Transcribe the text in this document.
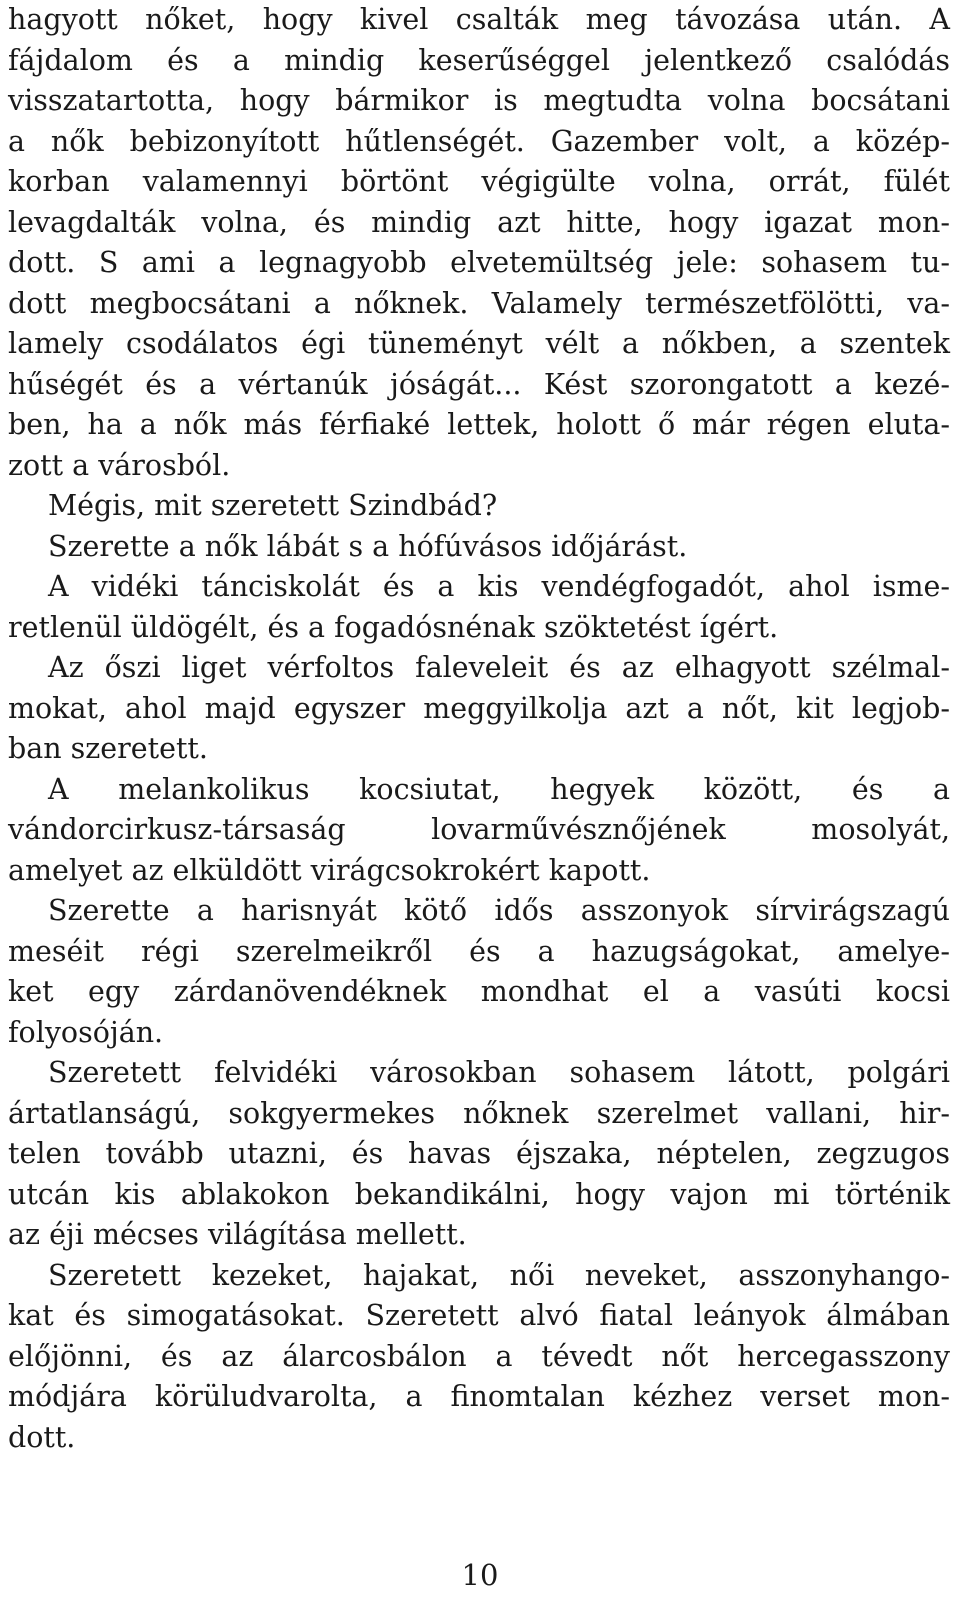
hagyott nőket, hogy kivel csalták meg távozása után. A
fájdalom és a mindig keserűséggel jelentkező csalódás
visszatartotta, hogy bármikor is megtudta volna bocsátani
a nők bebizonyított hűtlenségét. Gazember volt, a közép-
korban valamennyi börtönt végigülte volna, orrát, fülét
levagdalták volna, és mindig azt hitte, hogy igazat mon-
dott. S ami a legnagyobb elvetemültség jele: sohasem tu-
dott megbocsátani a nőknek. Valamely természetfölötti, va-
lamely csodálatos égi tüneményt vélt a nőkben, a szentek
hűségét és a vértanúk jóságát... Kést szorongatott a kezé-
ben, ha a nők más férfiaké lettek, holott ő már régen eluta-
zott a városból.
Mégis, mit szeretett Szindbád?
Szerette a nők lábát s a hófúvásos időjárást.
A vidéki tánciskolát és a kis vendégfogadót, ahol isme-
retlenül üldögélt, és a fogadósnénak szöktetést ígért.
Az őszi liget vérfoltos faleveleit és az elhagyott szélmal-
mokat, ahol majd egyszer meggyilkolja azt a nőt, kit legjob-
ban szeretett.
A melankolikus kocsiutat, hegyek között, és a
vándorcirkusz-társaság lovarművésznőjének mosolyát,
amelyet az elküldött virágcsokrokért kapott.
Szerette a harisnyát kötő idős asszonyok sírvirágszagú
meséit régi szerelmeikről és a hazugságokat, amelye-
ket egy zárdanövendéknek mondhat el a vasúti kocsi
folyosóján.
Szeretett felvidéki városokban sohasem látott, polgári
ártatlanságú, sokgyermekes nőknek szerelmet vallani, hir-
telen tovább utazni, és havas éjszaka, néptelen, zegzugos
utcán kis ablakokon bekandikálni, hogy vajon mi történik
az éji mécses világítása mellett.
Szeretett kezeket, hajakat, női neveket, asszonyhango-
kat és simogatásokat. Szeretett alvó fiatal leányok álmában
előjönni, és az álarcosbálon a tévedt nőt hercegasszony
módjára körüludvarolta, a finomtalan kézhez verset mon-
dott.
10
